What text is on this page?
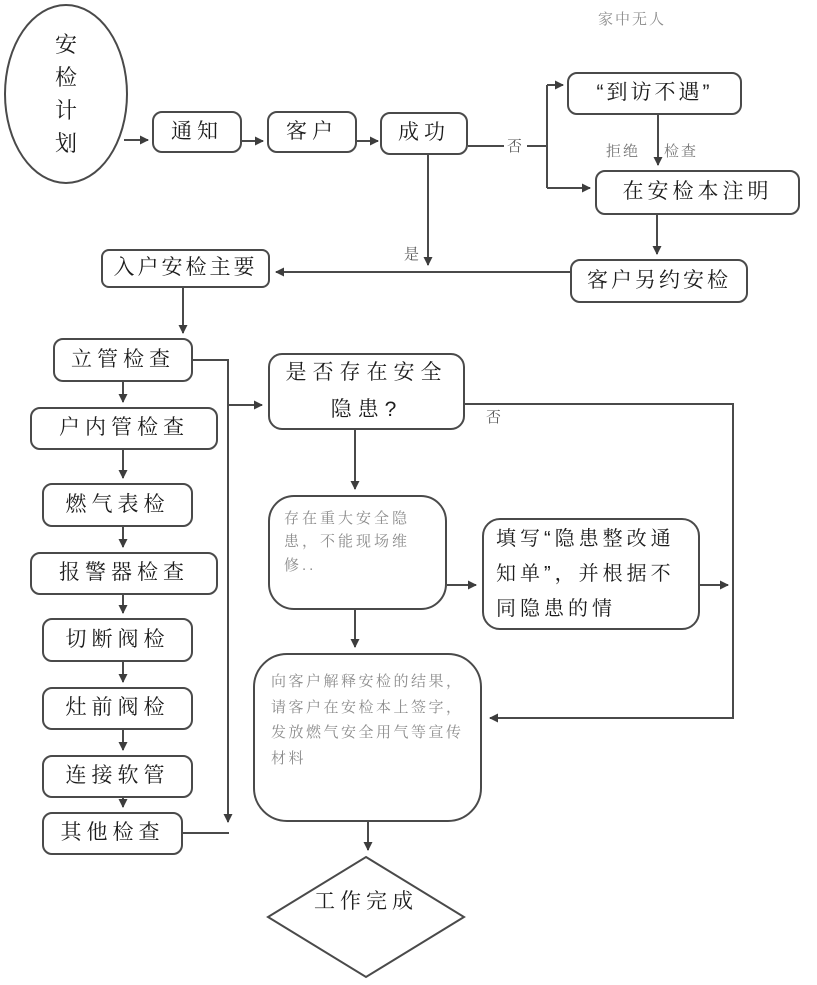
安检计划	通知	客户	成功
“到访不遇”
在安检本注明
客户另约安检
入户安检主要
立管检查
户内管检查
燃气表检
报警器检查
切断阀检
灶前阀检
连接软管
其他检查
是否存在安全隐患?
存在重大安全隐患，不能现场维修..
填写“隐患整改通知单”，并根据不同隐患的情
向客户解释安检的结果，请客户在安检本上签字，发放燃气安全用气等宣传材料
工作完成
家中无人
否	拒绝 检查
是
否
